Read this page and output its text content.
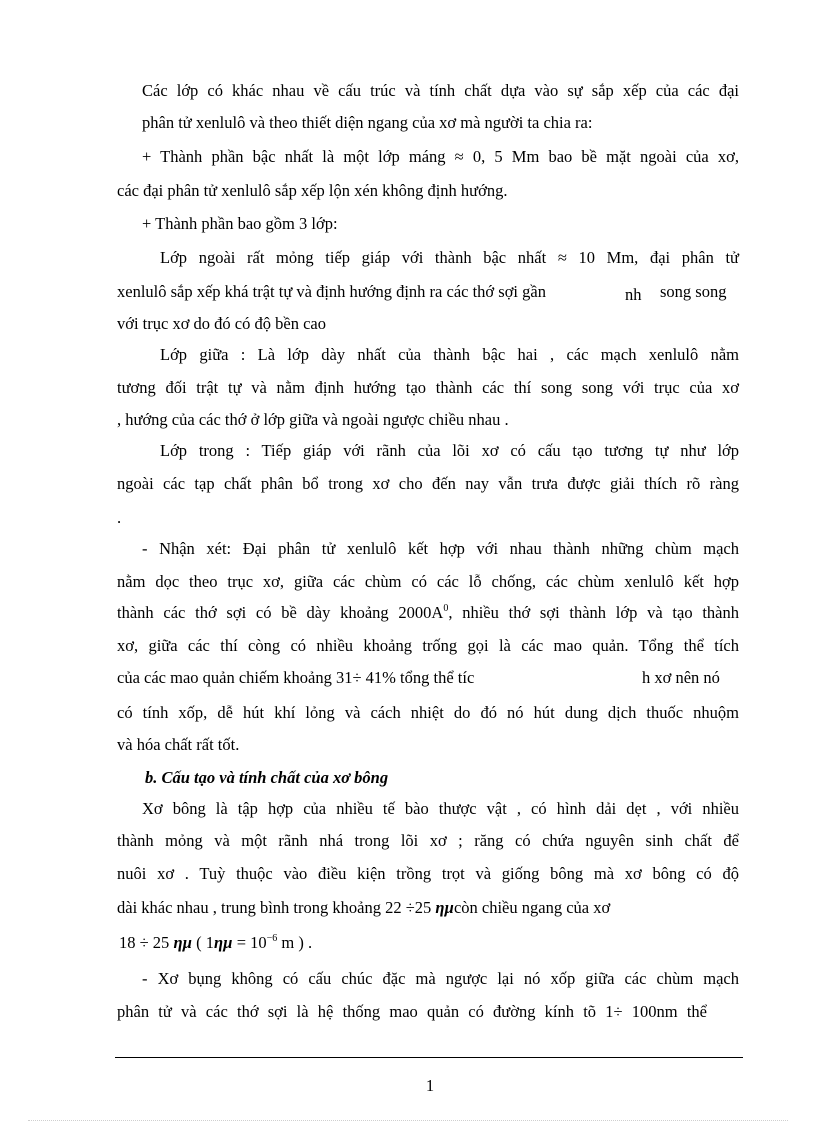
Các lớp có khác nhau về cấu trúc và tính chất dựa vào sự sắp xếp của các đại

phân tử xenlulô và theo thiết diện ngang của xơ mà người ta chia ra:

+ Thành phần bậc nhất là một lớp máng ≈ 0, 5 Mm bao bề mặt ngoài của xơ,

các đại phân tử xenlulô sắp xếp lộn xén không định hướng.

+ Thành phần bao gồm 3 lớp:

Lớp ngoài rất mỏng tiếp giáp với thành bậc nhất ≈ 10 Mm, đại phân tử

xenlulô sắp xếp khá trật tự và định hướng định ra các thớ sợi gần	nh song song

với trục xơ do đó có độ bền cao

Lớp giữa : Là lớp dày nhất của thành bậc hai , các mạch xenlulô nằm

tương đối trật tự và nằm định hướng tạo thành các thí song song với trục của xơ

, hướng của các thớ ở lớp giữa và ngoài ngược chiều nhau .

Lớp trong : Tiếp giáp với rãnh của lõi xơ có cấu tạo tương tự như lớp

ngoài các tạp chất phân bổ trong xơ cho đến nay vẫn trưa được giải thích rõ ràng

.

- Nhận xét: Đại phân tử xenlulô kết hợp với nhau thành những chùm mạch

nằm dọc theo trục xơ, giữa các chùm có các lỗ chống, các chùm xenlulô kết hợp

thành các thớ sợi có bề dày khoảng $2000A^0$, nhiều thớ sợi thành lớp và tạo thành

xơ, giữa các thí còng có nhiều khoảng trống gọi là các mao quản. Tổng thể tích

của các mao quản chiếm khoảng 31÷ 41% tổng thể tíc	h xơ nên nó

có tính xốp, dễ hút khí lỏng và cách nhiệt do đó nó hút dung dịch thuốc nhuộm

và hóa chất rất tốt.

b. Cấu tạo và tính chất của xơ bông

Xơ bông là tập hợp của nhiều tế bào thược vật , có hình dải dẹt , với nhiều

thành mỏng và một rãnh nhá trong lõi xơ ; răng có chứa nguyên sinh chất để

nuôi xơ . Tuỳ thuộc vào điều kiện trồng trọt và giống bông mà xơ bông có độ

dài khác nhau , trung bình trong khoảng 22 ÷25 ηµcòn chiều ngang của xơ
18 ÷ 25 ηµ ( $1\eta\mu = 10^{-6}$ m ) .

- Xơ bụng không có cấu chúc đặc mà ngược lại nó xốp giữa các chùm mạch

phân tử và các thớ sợi là hệ thống mao quản có đường kính tõ 1÷ 100nm thể

1
